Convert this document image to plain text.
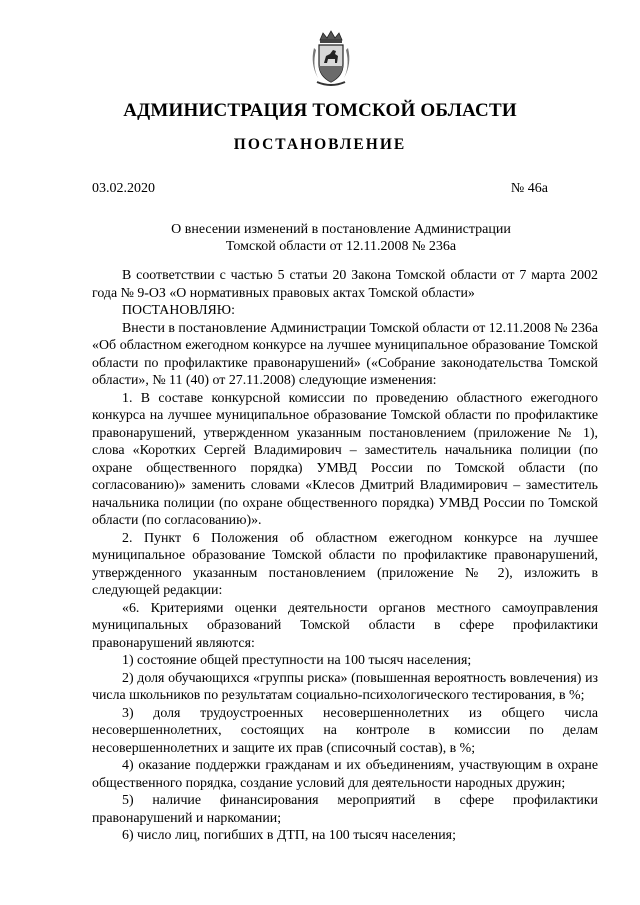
АДМИНИСТРАЦИЯ ТОМСКОЙ ОБЛАСТИ
ПОСТАНОВЛЕНИЕ
03.02.2020	№ 46а
О внесении изменений в постановление Администрации
Томской области от 12.11.2008 № 236а

В соответствии с частью 5 статьи 20 Закона Томской области от 7 марта 2002 года № 9-ОЗ «О нормативных правовых актах Томской области»

ПОСТАНОВЛЯЮ:

Внести в постановление Администрации Томской области от 12.11.2008 № 236а «Об областном ежегодном конкурсе на лучшее муниципальное образование Томской области по профилактике правонарушений» («Собрание законодательства Томской области», № 11 (40) от 27.11.2008) следующие изменения:

1. В составе конкурсной комиссии по проведению областного ежегодного конкурса на лучшее муниципальное образование Томской области по профилактике правонарушений, утвержденном указанным постановлением (приложение № 1), слова «Коротких Сергей Владимирович – заместитель начальника полиции (по охране общественного порядка) УМВД России по Томской области (по согласованию)» заменить словами «Клесов Дмитрий Владимирович – заместитель начальника полиции (по охране общественного порядка) УМВД России по Томской области (по согласованию)».

2. Пункт 6 Положения об областном ежегодном конкурсе на лучшее муниципальное образование Томской области по профилактике правонарушений, утвержденного указанным постановлением (приложение № 2), изложить в следующей редакции:

«6. Критериями оценки деятельности органов местного самоуправления муниципальных образований Томской области в сфере профилактики правонарушений являются:

1) состояние общей преступности на 100 тысяч населения;

2) доля обучающихся «группы риска» (повышенная вероятность вовлечения) из числа школьников по результатам социально-психологического тестирования, в %;

3) доля трудоустроенных несовершеннолетних из общего числа несовершеннолетних, состоящих на контроле в комиссии по делам несовершеннолетних и защите их прав (списочный состав), в %;

4) оказание поддержки гражданам и их объединениям, участвующим в охране общественного порядка, создание условий для деятельности народных дружин;

5) наличие финансирования мероприятий в сфере профилактики правонарушений и наркомании;

6) число лиц, погибших в ДТП, на 100 тысяч населения;
